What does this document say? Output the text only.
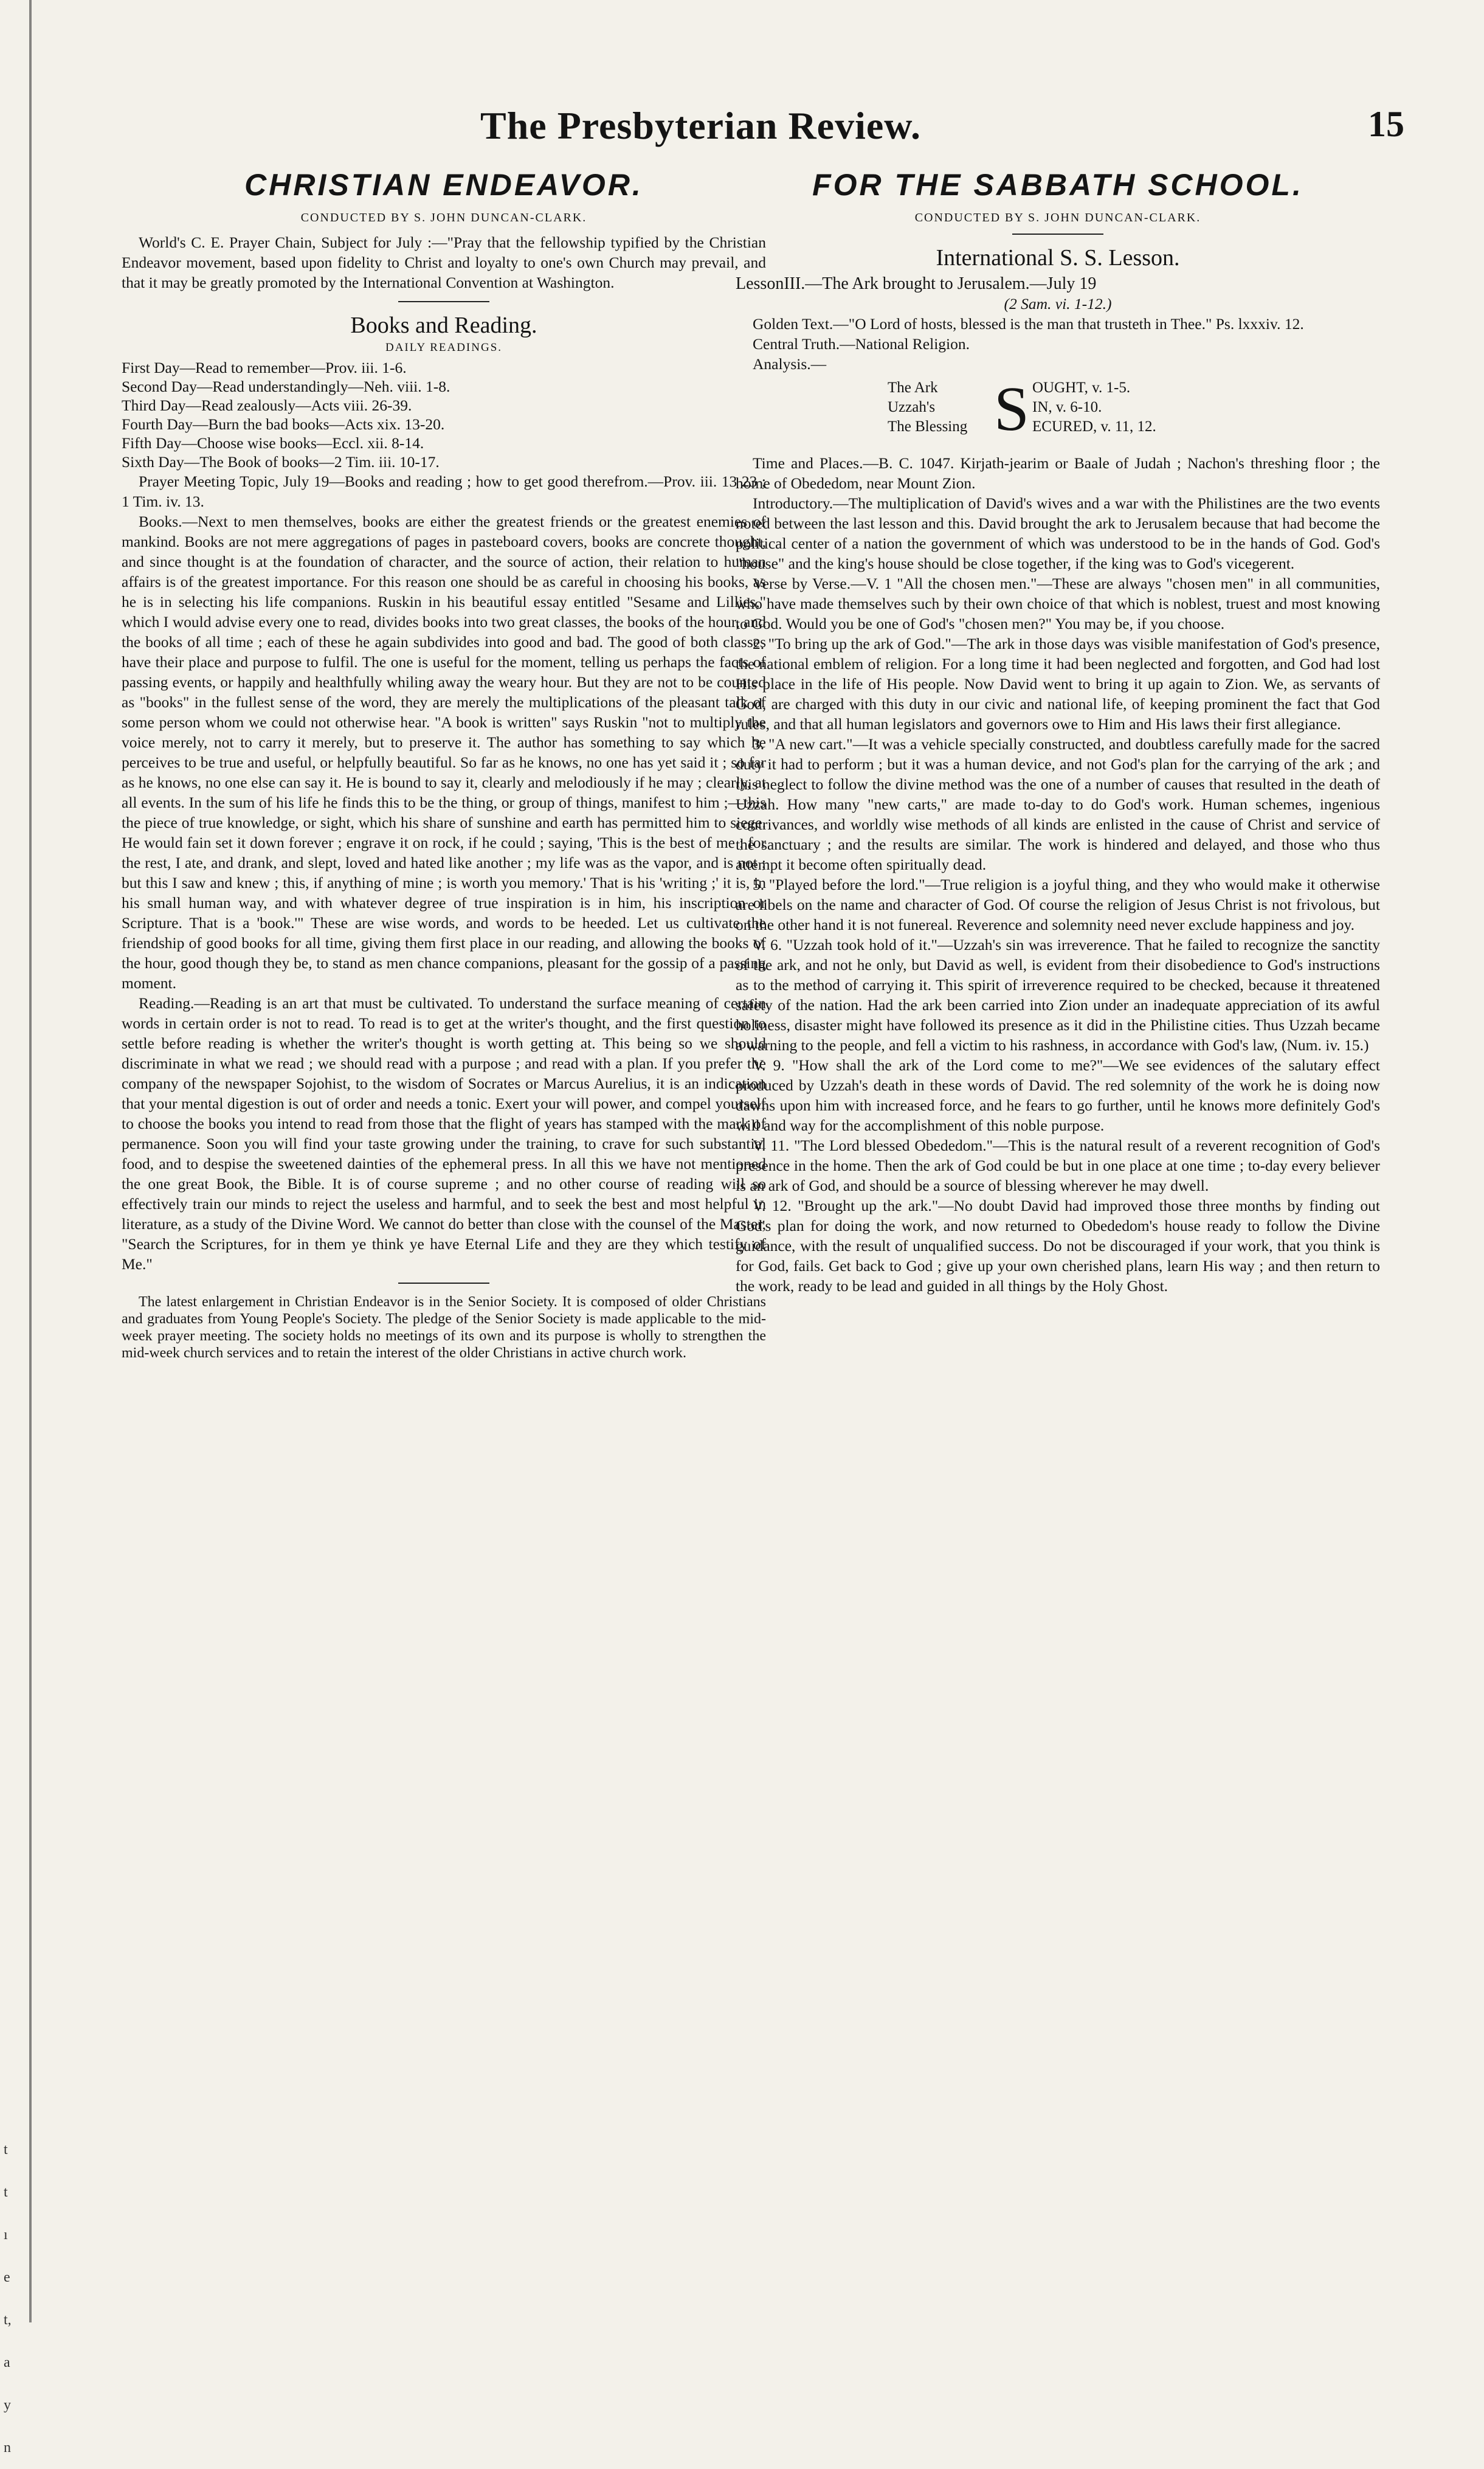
t
t
ı
e
t,
a
y
n
The Presbyterian Review.	15
CHRISTIAN ENDEAVOR.
CONDUCTED BY S. JOHN DUNCAN-CLARK.

World's C. E. Prayer Chain, Subject for July :—"Pray that the fellowship typified by the Christian Endeavor movement, based upon fidelity to Christ and loyalty to one's own Church may prevail, and that it may be greatly promoted by the International Convention at Washington.

Books and Reading.
DAILY READINGS.

First Day—Read to remember—Prov. iii. 1-6.

Second Day—Read understandingly—Neh. viii. 1-8.

Third Day—Read zealously—Acts viii. 26-39.

Fourth Day—Burn the bad books—Acts xix. 13-20.

Fifth Day—Choose wise books—Eccl. xii. 8-14.

Sixth Day—The Book of books—2 Tim. iii. 10-17.

Prayer Meeting Topic, July 19—Books and reading ; how to get good therefrom.—Prov. iii. 13 23 ; 1 Tim. iv. 13.

Books.—Next to men themselves, books are either the greatest friends or the greatest enemies of mankind. Books are not mere aggregations of pages in pasteboard covers, books are concrete thought, and since thought is at the foundation of character, and the source of action, their relation to human affairs is of the greatest importance. For this reason one should be as careful in choosing his books, as he is in selecting his life companions. Ruskin in his beautiful essay entitled "Sesame and Lillies," which I would advise every one to read, divides books into two great classes, the books of the hour, and the books of all time ; each of these he again subdivides into good and bad. The good of both classes have their place and purpose to fulfil. The one is useful for the moment, telling us perhaps the facts of passing events, or happily and healthfully whiling away the weary hour. But they are not to be counted as "books" in the fullest sense of the word, they are merely the multiplications of the pleasant talk of some person whom we could not otherwise hear. "A book is written" says Ruskin "not to multiply the voice merely, not to carry it merely, but to preserve it. The author has something to say which he perceives to be true and useful, or helpfully beautiful. So far as he knows, no one has yet said it ; so far as he knows, no one else can say it. He is bound to say it, clearly and melodiously if he may ; clearly, at all events. In the sum of his life he finds this to be the thing, or group of things, manifest to him ;—this the piece of true knowledge, or sight, which his share of sunshine and earth has permitted him to siege. He would fain set it down forever ; engrave it on rock, if he could ; saying, 'This is the best of me ; for the rest, I ate, and drank, and slept, loved and hated like another ; my life was as the vapor, and is not ; but this I saw and knew ; this, if anything of mine ; is worth you memory.' That is his 'writing ;' it is, in his small human way, and with whatever degree of true inspiration is in him, his inscription or Scripture. That is a 'book.'" These are wise words, and words to be heeded. Let us cultivate the friendship of good books for all time, giving them first place in our reading, and allowing the books of the hour, good though they be, to stand as men chance companions, pleasant for the gossip of a passing moment.

Reading.—Reading is an art that must be cultivated. To understand the surface meaning of certain words in certain order is not to read. To read is to get at the writer's thought, and the first question to settle before reading is whether the writer's thought is worth getting at. This being so we should discriminate in what we read ; we should read with a purpose ; and read with a plan. If you prefer the company of the newspaper Sojohist, to the wisdom of Socrates or Marcus Aurelius, it is an indication that your mental digestion is out of order and needs a tonic. Exert your will power, and compel yourself to choose the books you intend to read from those that the flight of years has stamped with the mark of permanence. Soon you will find your taste growing under the training, to crave for such substantial food, and to despise the sweetened dainties of the ephemeral press. In all this we have not mentioned the one great Book, the Bible. It is of course supreme ; and no other course of reading will so effectively train our minds to reject the useless and harmful, and to seek the best and most helpful in literature, as a study of the Divine Word. We cannot do better than close with the counsel of the Master, "Search the Scriptures, for in them ye think ye have Eternal Life and they are they which testify of Me."

The latest enlargement in Christian Endeavor is in the Senior Society. It is composed of older Christians and graduates from Young People's Society. The pledge of the Senior Society is made applicable to the mid-week prayer meeting. The society holds no meetings of its own and its purpose is wholly to strengthen the mid-week church services and to retain the interest of the older Christians in active church work.

FOR THE SABBATH SCHOOL.
CONDUCTED BY S. JOHN DUNCAN-CLARK.
International S. S. Lesson.

LessonIII.—The Ark brought to Jerusalem.—July 19

(2 Sam. vi. 1-12.)

Golden Text.—"O Lord of hosts, blessed is the man that trusteth in Thee." Ps. lxxxiv. 12.

Central Truth.—National Religion.

Analysis.—

The Ark
Uzzah's
The Blessing S OUGHT, v. 1-5.
IN, v. 6-10.
ECURED, v. 11, 12.

Time and Places.—B. C. 1047. Kirjath-jearim or Baale of Judah ; Nachon's threshing floor ; the home of Obededom, near Mount Zion.

Introductory.—The multiplication of David's wives and a war with the Philistines are the two events noted between the last lesson and this. David brought the ark to Jerusalem because that had become the political center of a nation the government of which was understood to be in the hands of God. God's "house" and the king's house should be close together, if the king was to God's vicegerent.

Verse by Verse.—V. 1 "All the chosen men."—These are always "chosen men" in all communities, who have made themselves such by their own choice of that which is noblest, truest and most knowing to God. Would you be one of God's "chosen men?" You may be, if you choose.

2. "To bring up the ark of God."—The ark in those days was visible manifestation of God's presence, the national emblem of religion. For a long time it had been neglected and forgotten, and God had lost His place in the life of His people. Now David went to bring it up again to Zion. We, as servants of God, are charged with this duty in our civic and national life, of keeping prominent the fact that God rules, and that all human legislators and governors owe to Him and His laws their first allegiance.

3. "A new cart."—It was a vehicle specially constructed, and doubtless carefully made for the sacred duty it had to perform ; but it was a human device, and not God's plan for the carrying of the ark ; and this neglect to follow the divine method was the one of a number of causes that resulted in the death of Uzzah. How many "new carts," are made to-day to do God's work. Human schemes, ingenious contrivances, and worldly wise methods of all kinds are enlisted in the cause of Christ and service of the sanctuary ; and the results are similar. The work is hindered and delayed, and those who thus attempt it become often spiritually dead.

5. "Played before the lord."—True religion is a joyful thing, and they who would make it otherwise are libels on the name and character of God. Of course the religion of Jesus Christ is not frivolous, but on the other hand it is not funereal. Reverence and solemnity need never exclude happiness and joy.

V. 6. "Uzzah took hold of it."—Uzzah's sin was irreverence. That he failed to recognize the sanctity of the ark, and not he only, but David as well, is evident from their disobedience to God's instructions as to the method of carrying it. This spirit of irreverence required to be checked, because it threatened safety of the nation. Had the ark been carried into Zion under an inadequate appreciation of its awful holiness, disaster might have followed its presence as it did in the Philistine cities. Thus Uzzah became a warning to the people, and fell a victim to his rashness, in accordance with God's law, (Num. iv. 15.)

V. 9. "How shall the ark of the Lord come to me?"—We see evidences of the salutary effect produced by Uzzah's death in these words of David. The red solemnity of the work he is doing now dawns upon him with increased force, and he fears to go further, until he knows more definitely God's will and way for the accomplishment of this noble purpose.

V. 11. "The Lord blessed Obededom."—This is the natural result of a reverent recognition of God's presence in the home. Then the ark of God could be but in one place at one time ; to-day every believer is an ark of God, and should be a source of blessing wherever he may dwell.

V. 12. "Brought up the ark."—No doubt David had improved those three months by finding out God's plan for doing the work, and now returned to Obededom's house ready to follow the Divine guidance, with the result of unqualified success. Do not be discouraged if your work, that you think is for God, fails. Get back to God ; give up your own cherished plans, learn His way ; and then return to the work, ready to be lead and guided in all things by the Holy Ghost.
